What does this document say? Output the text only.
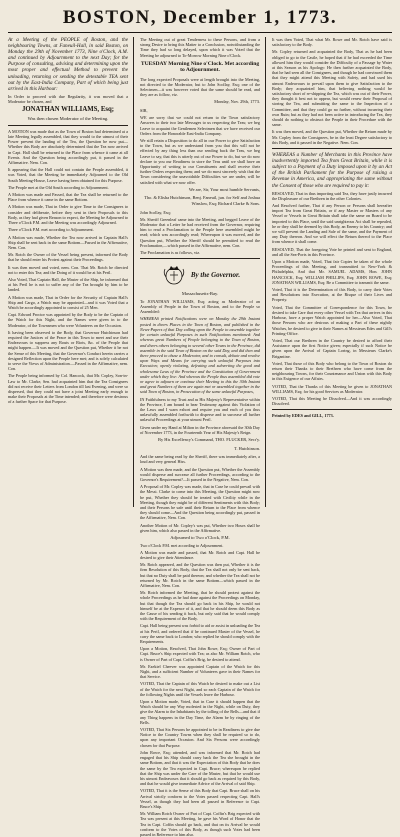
BOSTON, December 1, 1773.

At a Meeting of the PEOPLE of Boston, and the neighbouring Towns, at Faneuil-Hall, in said Boston, on Monday the 29th of November 1773, Nine o'Clock, A.M. and continued by Adjournment to the next Day; for the Purpose of consulting, advising and determining upon the most proper and effectual Method to prevent the unloading, returning or sending the detestable TEA sent out by the East-India Company, Part of which being just arrived in this Harbour:

In Order to proceed with due Regularity, it was moved that a Moderator be chosen, and

JONATHAN WILLIAMS, Esq;

Was then chosen Moderator of the Meeting.

A MOTION was made that as the Town of Boston had determined at a late Meeting legally assembled, that they would to the utmost of their Power prevent the landing of the Tea, the Question be now put—Whether this Body are absolutely determined that the Tea now arrived in Capt. Hall shall be returned to the Place from whence it came at all Events. And the Question being accordingly put, it passed in the Affirmative. Nem. Con.

It appearing that the Hall could not contain the People assembled, it was Voted, that the Meeting be immediately Adjourned to the Old South Meeting-House, Leave having been obtained for this Purpose.

The People met at the Old South according to Adjournment.

A Motion was made and Passed, that the Tea shall be returned to the Place from whence it came in the same Bottom.

A Motion was made, That in Order to give Time to the Consignees to consider and deliberate, before they sent in their Proposals to this Body, as they had given Reason to expect, the Meeting be Adjourned to Three o'Clock P.M. and the Meeting was accordingly Adjourned.

Three o'Clock P.M. met according to Adjournment.

A Motion was made, Whether the Tea now arrived in Captain Hall's Ship shall be sent back in the same Bottom—Passed in the Affirmative, Nem. Con.

Mr. Rotch the Owner of the Vessel being present, informed the Body that he should enter his Protest against their Proceedings.

It was then moved and voted, nem. Con. That Mr. Rotch be directed not to enter this Tea; and the Doing of it would be at his Peril.

Also Voted, That Captain Hall, the Master of the Ship, be informed that at his Peril he is not to suffer any of the Tea brought by him to be landed.

A Motion was made, That in Order for the Security of Captain Hall's Ship and Cargo, a Watch may be appointed—and it was Voted that a Watch be accordingly appointed to consist of 25 Men.

Capt. Edward Proctor was appointed by the Body to be the Captain of the Watch for this Night, and the Names were given in to the Moderator, of the Townsmen who were Volunteers on the Occasion.

It having been observed to the Body, that Governor Hutchinson had required the Justices of the Peace in this Town to meet and use their Endeavours to suppress any Routs or Riots, &c. of the People that might happen.—It was moved and the Question put, Whether it be not the Sense of this Meeting, that the Governor's Conduct herein carries a designed Reflection upon the People here met; and is solely calculated to serve the Views of Administration.—Passed in the Affirmative, nem. Con.

The People being informed by Col. Hancock, that Mr. Copley, Son-in-Law to Mr. Clarke, Sen. had acquainted him that the Tea Consignees did not receive their Letters from London till last Evening, and were so dispersed, that they could not have a joint Meeting early enough to make their Proposals at the Time intended; and therefore were desirous of a further Space for that Purpose.

The Meeting out of great Tenderness to these Persons, and from a strong Desire to bring this Matter to a Conclusion, notwithstanding the Time they had so long delayed, upon which it was Voted that the Meeting be adjourned to To-Morrow Morning Nine o'Clock.

TUESDAY Morning Nine o'Clock. Met according to Adjournment.

The long expected Proposals were at length brought into the Meeting, not directed to the Moderator, but to John Scollay, Esq; one of the Selectmen—it was however voted that the same should be read, and they are as follow, viz.

Monday, Nov. 29th, 1773.

SIR,

WE are sorry that we could not return to the Town satisfactory Answers to their two late Messages to us respecting the Teas; we beg Leave to acquaint the Gentlemen Selectmen that we have received our Orders from the Honorable East-India Company.

We still retain a Disposition to do all in our Power to give Satisfaction to the Town, but as we understand from you that this will not be effected by any thing less than our sending back the Teas, we beg Leave to say, that this is utterly out of our Power to do, but we do now declare to you our Readiness to store the Teas until we shall have an Opportunity of writing to our Constituents and shall receive their further Orders respecting them; and we do most sincerely wish that the Town considering the unavoidable Difficulties we are under, will be satisfied with what we now offer.

We are, Sir, Your most humble Servants,

Tho. & Elisha Hutchinson, Benj. Faneuil, jun. for Self and Joshua Winslow, Esq; Richard Clarke & Sons.

John Scollay, Esq;

Mr. Sheriff Greenleaf came into the Meeting, and begged Leave of the Moderator that a Letter he had received from the Governor, requiring him to read a Proclamation to the People here assembled might be read; which was accordingly read; Whereupon it was moved, and the Question put, Whether the Sheriff should be permitted to read the Proclamation,—which passed in the Affirmative, nem. Con.

The Proclamation is as follows, viz.

By the Governor.

Massachusetts-Bay.

To JONATHAN WILLIAMS, Esq; acting as Moderator of an Assembly of People in the Town of Boston, and to the People so Assembled:

WHEREAS printed Notifications were on Monday the 29th Instant posted in divers Places in the Town of Boston, and published in the News-Papers of that Day calling upon the People to assemble together for certain unlawful Purposes in such Notifications mentioned: And whereas great Numbers of People belonging to the Town of Boston, and divers others belonging to several other Towns in the Province, did assemble in the said Town of Boston on the said Day, and did then and there proceed to chuse a Moderator, and to consult, debate and resolve upon Ways and Means for carrying such unlawful Purposes into Execution; openly violating, defeating and subverting the good and wholesome Laws of the Province and the Constitution of Government under which they live: And whereas the People thus assembled did vote or agree to adjourn or continue their Meeting to this the 30th Instant and great Numbers of them are again met or assembled together in the said Town of Boston, in Prosecution of the same unlawful Purposes,

IN Faithfulness to my Trust and as His Majesty's Representative within the Province, I am bound to bear Testimony against this Violation of the Laws and I warn exhort and require you and each of you thus unlawfully assembled forthwith to disperse and to surcease all further unlawful Proceedings at your utmost Peril.

Given under my Hand at Milton in the Province aforesaid the 30th Day of November 1773, in the Fourteenth Year of His Majesty's Reign.

By His Excellency's Command, THO. FLUCKER, Secr'y.

T. Hutchinson.

And the same being read by the Sheriff, there was immediately after, a loud and very general Hiss.

A Motion was then made, and the Question put, Whether the Assembly would disperse and surcease all further Proceedings, according to the Governor's Requirement?—It passed in the Negative, Nem. Con.

A Proposal of Mr. Copley was made, that in Case he could prevail with the Messi. Clarke to come into this Meeting, the Question might now be put, Whether they should be treated with Civility while in the Meeting, though they might be of different Sentiments with this Body; and their Persons be safe until their Return to the Place from whence they should come—And the Question being accordingly put, passed in the Affirmative, Nem. Con.

Another Motion of Mr. Copley's was put, Whether two Hours shall be given him, which also passed in the Affirmative.

Adjourned to Two o'Clock, P.M.

Two o'Clock P.M. met according to Adjournment.

A Motion was made and passed, that Mr. Rotch and Capt. Hall be desired to give their Attendance.

Mr. Rotch appeared, and the Question was then put, Whether it is the firm Resolution of this Body, that the Tea shall not only be sent back, but that no Duty shall be paid thereon; and whether the Tea shall not be returned by Mr. Rotch in the same Bottom—which passed in the Affirmative, Nem. Con.

Mr. Rotch informed the Meeting, that he should protest against the whole Proceedings as he had done against the Proceedings on Monday, but that though the Tea should go back in his Ship, he would not himself be at the Expence of it, and that he should deem this Body as the Cause of his sending it back, but only said that he would comply with the Requirement of the Body.

Capt. Hall being present was forbid to aid or assist in unloading the Tea at his Peril, and ordered that if he continued Master of the Vessel, he carry the same back to London; who replied he should comply with the Requirements.

Upon a Motion, Resolved, That John Rowe, Esq; Owner of Part of Capt. Bruce's Ship expected with Tea; as also Mr. William Rotch, who is Owner of Part of Capt. Coffin's Brig, be desired to attend.

Mr. Ezekiel Cheever was appointed Captain of the Watch for this Night, and a sufficient Number of Volunteers gave in their Names for that Service.

VOTED, That the Captain of this Watch be desired to make out a List of the Watch for the next Night, and so each Captain of the Watch for the following Nights until the Vessels leave the Harbour.

Upon a Motion made, Voted, that in Case it should happen that the Watch should be any Way molested in the Night, while on Duty, they give the Alarm to the Inhabitants by the tolling of the Bells—and that if any Thing happens in the Day Time, the Alarm be by ringing of the Bells.

VOTED, That Six Persons be appointed to be in Readiness to give due Notice to the Country Towns when they shall be required so to do, upon any important Occasion. And Six Persons were accordingly chosen for that Purpose.

John Rowe, Esq; attended, and was informed that Mr. Rotch had engaged that his Ship should carry back the Tea she brought in the same Bottom, and that it was the Expectation of this Body that he does the same by the Tea expected in Capt. Bruce; whereupon he replied that the Ship was under the Care of the Master, but that he would use his utmost Endeavours that it should go back as required by this Body, and that he would give immediate Advice of the Arrival of said Ship.

VOTED, That it is the Sense of this Body that Capt. Bruce shall on his Arrival strictly conform to the Votes passed respecting Capt. Hall's Vessel, as though they had been all passed in Reference to Capt. Bruce's Ship.

Mr. William Rotch Owner of Part of Capt. Coffin's Brig expected with Tea was present at this Meeting, he gave his Word of Honor that the Tea in Capt. Coffin should go back, and that on its Arrival he would conform to the Votes of this Body, as though such Votes had been passed in Reference to him also.

It was then Voted, That what Mr. Rowe and Mr. Rotch have said is satisfactory to the Body.

Mr. Copley returned and acquainted the Body, That as he had been obliged to go to the Castle, he hoped that if he had exceeded the Time allowed him they would consider the Difficulty of a Passage by Water at this Season as his Apology: He then further acquainted the Body, that he had seen all the Consignees, and though he had convinced them that they might attend this Meeting with Safety, and had used his utmost Endeavours to prevail upon them to give Satisfaction to the Body; they acquainted him, that believing nothing would be satisfactory short of re-shipping the Tea, which was out of their Power, they thought it best not to appear, but would renew their Proposal of storing the Tea, and submitting the same to the Inspection of a Committee, and that they could go no further, without incurring their own Ruin; but as they had not been active in introducing the Tea, they should do nothing to obstruct the People in their Procedure with the same.

It was then moved, and the Question put, Whether the Return made by Mr. Copley from the Consignees, be in the least Degree satisfactory to this Body, and it passed in the Negative. Nem. Con.

WHEREAS a Number of Merchants in this Province have inadvertently imported Tea from Great Britain, while it is subject to a Payment of a Duty imposed upon it by an Act of the British Parliament for the Purpose of raising a Revenue in America, and appropriating the same without the Consent of those who are required to pay it:

RESOLVED, That in thus importing said Tea, they have justly incurred the Displeasure of our Brethren in the other Colonies.

And Resolved further, That if any Person or Persons shall hereafter import Tea from Great Britain, or if any Master or Masters of any Vessel or Vessels in Great Britain shall take the same on Board to be imported to this Place, until the said unrighteous Act shall be repealed, he or they shall be deemed by this Body, an Enemy to his Country; and we will prevent the Landing and Sale of the same, and the Payment of any Duty thereon. And we will effect the Return thereof to the Place from whence it shall come.

RESOLVED, That the foregoing Vote be printed and sent to England, and all the Sea-Ports in this Province.

Upon a Motion made, Voted, That fair Copies be taken of the whole Proceedings of this Meeting, and transmitted to New-York & Philadelphia, And that Mr. SAMUEL ADAMS, Hon. JOHN HANCOCK, Esq; WILLIAM PHILLIPS, Esq; JOHN ROWE, Esq; JONATHAN WILLIAMS, Esq; Be a Committee to transmit the same.

Voted, That it is the Determination of this Body, to carry their Votes and Resolutions into Execution, at the Risque of their Lives and Property.

Voted, That the Committee of Correspondence for this Town, be desired to take Care that every other Vessel with Tea that arrives in this Harbour, have a proper Watch appointed for her—Also Voted, That those Persons who are desirous of making a Part of these nightly Watches, be desired to give in their Names at Messieurs Edes and Gill's Printing-Office.

Voted, That our Brethren in the Country be desired to afford their Assistance upon the first Notice given; especially if such Notice be given upon the Arrival of Captain Loring, in Messieurs Clarke's Brigantine.

Voted, That those of this Body who belong to the Town of Boston do return their Thanks to their Brethren who have come from the neighbouring Towns, for their Countenance and Union with this Body in this Exigence of our Affairs.

VOTED, That the Thanks of this Meeting be given to JONATHAN WILLIAMS, Esq; for his good Services as Moderator.

VOTED, That this Meeting be Dissolved—And it was accordingly Dissolved.

Printed by EDES and GILL, 1773.
